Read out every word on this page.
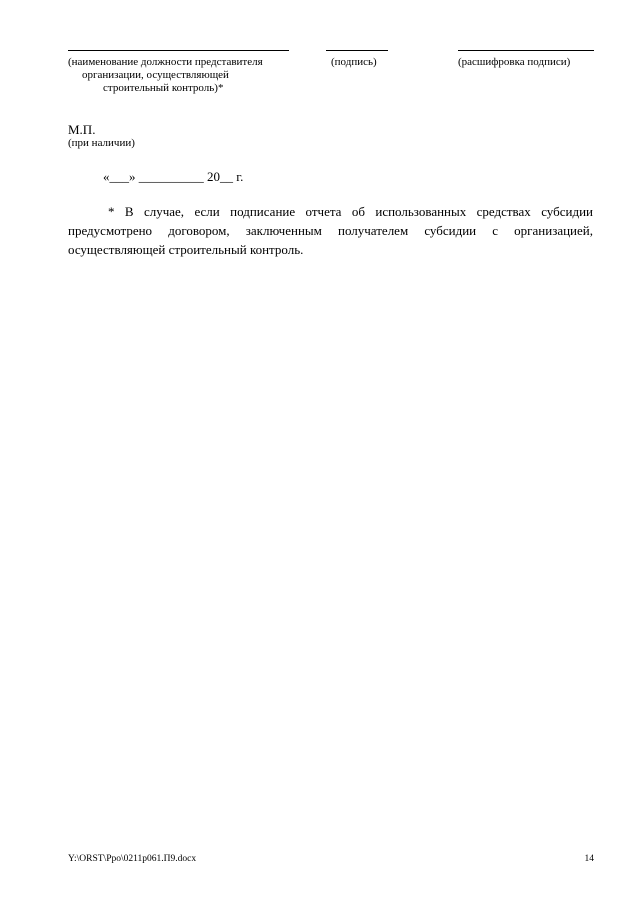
(наименование должности представителя
организации, осуществляющей
строительный контроль)*
(подпись)	(расшифровка подписи)
М.П.
(при наличии)
«___» __________ 20__ г.
* В случае, если подписание отчета об использованных средствах субсидии предусмотрено договором, заключенным получателем субсидии с организацией, осуществляющей строительный контроль.
Y:\ORST\Ppo\0211p061.П9.docx	14
